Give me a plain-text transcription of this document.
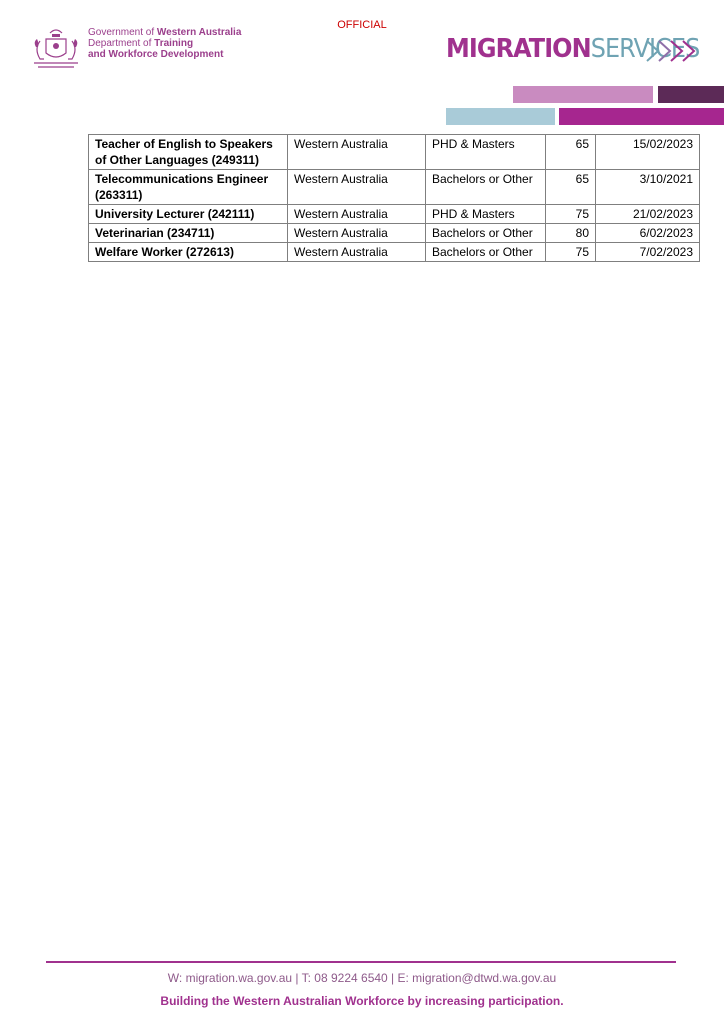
OFFICIAL
Government of Western Australia
Department of Training
and Workforce Development	MIGRATIONSERVICES
Teacher of English to Speakers of Other Languages (249311)	Western Australia	PHD & Masters	65	15/02/2023
Telecommunications Engineer (263311)	Western Australia	Bachelors or Other	65	3/10/2021
University Lecturer (242111)	Western Australia	PHD & Masters	75	21/02/2023
Veterinarian (234711)	Western Australia	Bachelors or Other	80	6/02/2023
Welfare Worker (272613)	Western Australia	Bachelors or Other	75	7/02/2023
W: migration.wa.gov.au | T: 08 9224 6540 | E: migration@dtwd.wa.gov.au
Building the Western Australian Workforce by increasing participation.
